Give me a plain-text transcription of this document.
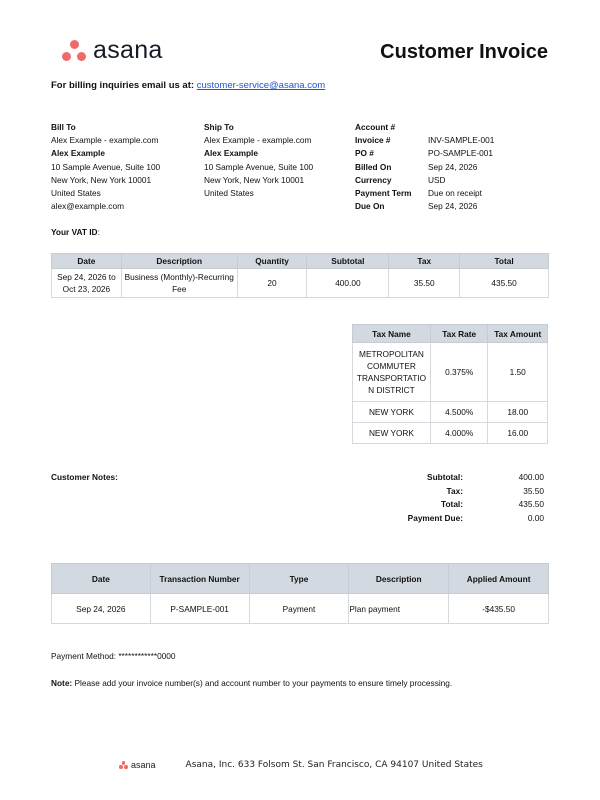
asana	Customer Invoice
For billing inquiries email us at: customer-service@asana.com
Bill To
Alex Example - example.com
Alex Example
10 Sample Avenue, Suite 100
New York, New York 10001
United States
alex@example.com
Ship To
Alex Example - example.com
Alex Example
10 Sample Avenue, Suite 100
New York, New York 10001
United States
Account #
Invoice #	INV-SAMPLE-001
PO #	PO-SAMPLE-001
Billed On	Sep 24, 2026
Currency	USD
Payment Term	Due on receipt
Due On	Sep 24, 2026
Your VAT ID:
Date	Description	Quantity	Subtotal	Tax	Total
Sep 24, 2026 to Oct 23, 2026	Business (Monthly)-Recurring Fee	20	400.00	35.50	435.50
Tax Name	Tax Rate	Tax Amount
METROPOLITAN COMMUTER TRANSPORTATIO N DISTRICT	0.375%	1.50
NEW YORK	4.500%	18.00
NEW YORK	4.000%	16.00
Customer Notes:	Subtotal:	400.00
Tax:	35.50
Total:	435.50
Payment Due:	0.00
Date	Transaction Number	Type	Description	Applied Amount
Sep 24, 2026	P-SAMPLE-001	Payment	Plan payment	-$435.50
Payment Method: ************0000
Note: Please add your invoice number(s) and account number to your payments to ensure timely processing.
asana	Asana, Inc. 633 Folsom St. San Francisco, CA 94107 United States
